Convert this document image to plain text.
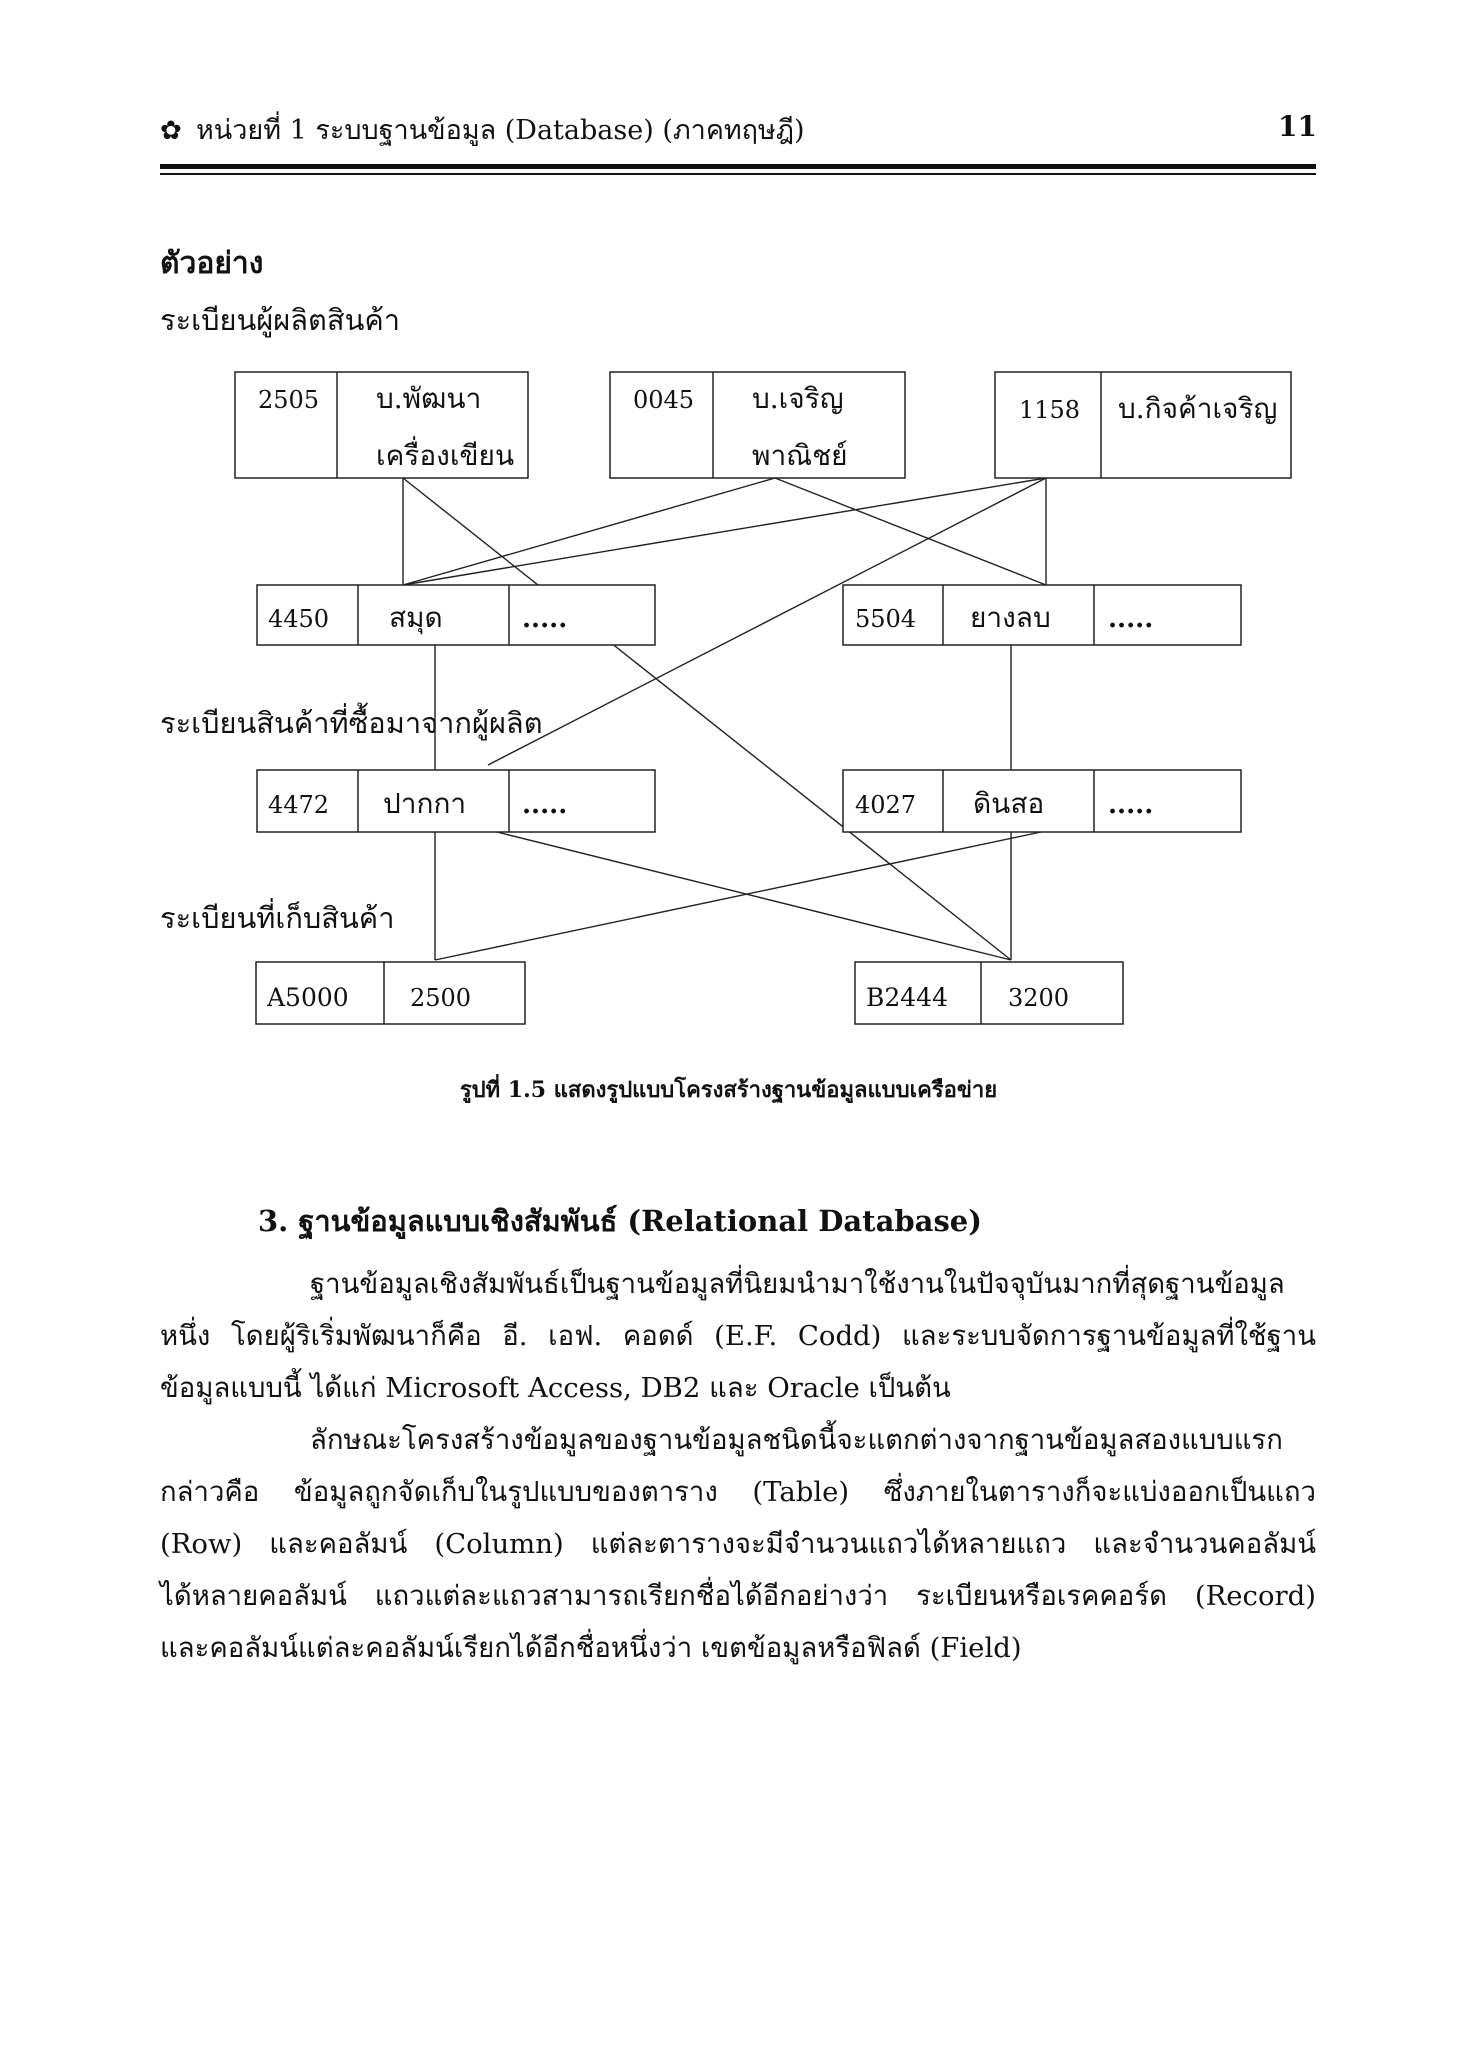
✿ หน่วยที่ 1 ระบบฐานข้อมูล (Database) (ภาคทฤษฎี)	11
ตัวอย่าง
ระเบียนผู้ผลิตสินค้า
ระเบียนสินค้าที่ซื้อมาจากผู้ผลิต
ระเบียนที่เก็บสินค้า
2505 บ.พัฒนา
เครื่องเขียน
0045 บ.เจริญ
พาณิชย์
1158 บ.กิจค้าเจริญ
4450 สมุด	.....	5504 ยางลบ .....
4472 ปากกา .....	4027 ดินสอ .....
A5000	2500	B2444	3200
รูปที่ 1.5 แสดงรูปแบบโครงสร้างฐานข้อมูลแบบเครือข่าย
3. ฐานข้อมูลแบบเชิงสัมพันธ์ (Relational Database)
ฐานข้อมูลเชิงสัมพันธ์เป็นฐานข้อมูลที่นิยมนำมาใช้งานในปัจจุบันมากที่สุดฐานข้อมูล
หนึ่ง โดยผู้ริเริ่มพัฒนาก็คือ อี. เอฟ. คอดด์ (E.F. Codd) และระบบจัดการฐานข้อมูลที่ใช้ฐาน
ข้อมูลแบบนี้ ได้แก่ Microsoft Access, DB2 และ Oracle เป็นต้น
ลักษณะโครงสร้างข้อมูลของฐานข้อมูลชนิดนี้จะแตกต่างจากฐานข้อมูลสองแบบแรก
กล่าวคือ ข้อมูลถูกจัดเก็บในรูปแบบของตาราง (Table) ซึ่งภายในตารางก็จะแบ่งออกเป็นแถว
(Row) และคอลัมน์ (Column) แต่ละตารางจะมีจำนวนแถวได้หลายแถว และจำนวนคอลัมน์
ได้หลายคอลัมน์ แถวแต่ละแถวสามารถเรียกชื่อได้อีกอย่างว่า ระเบียนหรือเรคคอร์ด (Record)
และคอลัมน์แต่ละคอลัมน์เรียกได้อีกชื่อหนึ่งว่า เขตข้อมูลหรือฟิลด์ (Field)
